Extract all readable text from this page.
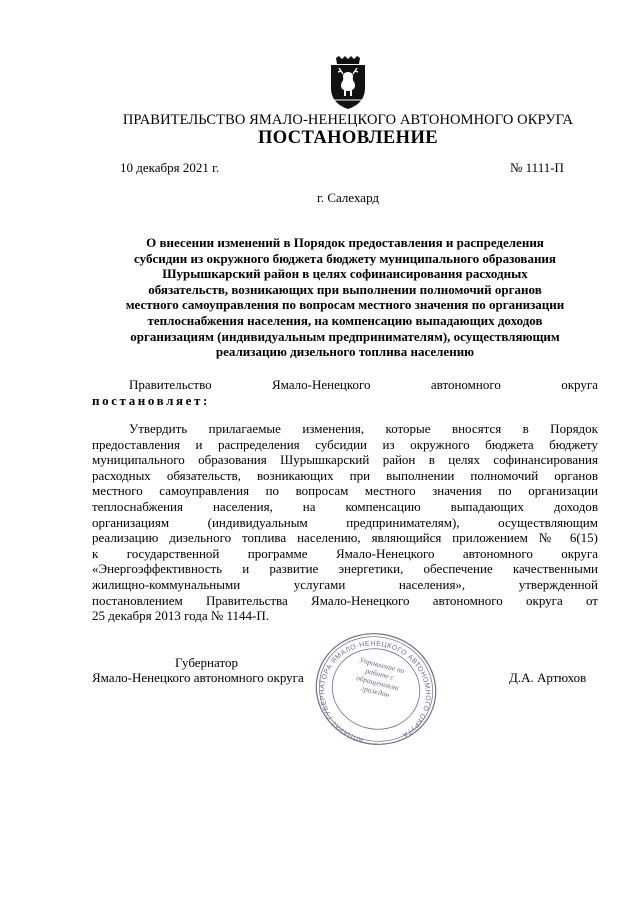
ПРАВИТЕЛЬСТВО ЯМАЛО-НЕНЕЦКОГО АВТОНОМНОГО ОКРУГА
ПОСТАНОВЛЕНИЕ
10 декабря 2021 г.	№ 1111-П
г. Салехард
О внесении изменений в Порядок предоставления и распределения
субсидии из окружного бюджета бюджету муниципального образования
Шурышкарский район в целях софинансирования расходных
обязательств, возникающих при выполнении полномочий органов
местного самоуправления по вопросам местного значения по организации
теплоснабжения населения, на компенсацию выпадающих доходов
организациям (индивидуальным предпринимателям), осуществляющим
реализацию дизельного топлива населению
Правительство	Ямало-Ненецкого	автономного	округа
постановляет:
Утвердить прилагаемые изменения, которые вносятся в Порядок
предоставления и распределения субсидии из окружного бюджета бюджету
муниципального образования Шурышкарский район в целях софинансирования
расходных обязательств, возникающих при выполнении полномочий органов
местного самоуправления по вопросам местного значения по организации
теплоснабжения населения, на компенсацию выпадающих доходов
организациям (индивидуальным предпринимателям), осуществляющим
реализацию дизельного топлива населению, являющийся приложением № 6(15)
к государственной программе Ямало-Ненецкого автономного округа
«Энергоэффективность и развитие энергетики, обеспечение качественными
жилищно-коммунальными услугами населения», утвержденной
постановлением Правительства Ямало-Ненецкого автономного округа от
25 декабря 2013 года № 1144-П.
Губернатор
Ямало-Ненецкого автономного округа	Д.А. Артюхов
АППАРАТ ГУБЕРНАТОРА ЯМАЛО-НЕНЕЦКОГО АВТОНОМНОГО ОКРУГА
Управление по работе с обращениями граждан
